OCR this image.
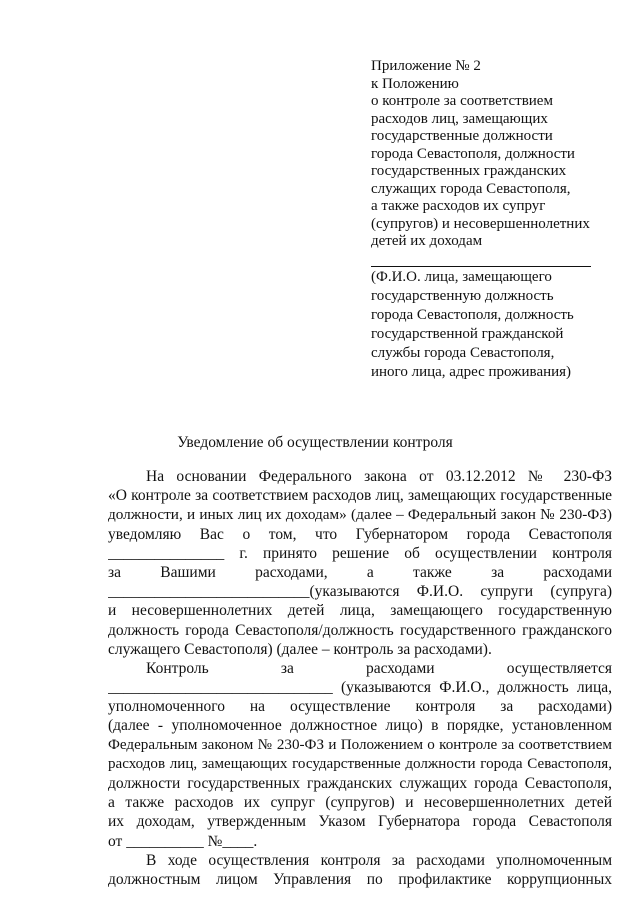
Приложение № 2
к Положению
о контроле за соответствием
расходов лиц, замещающих
государственные должности
города Севастополя, должности
государственных гражданских
служащих города Севастополя,
а также расходов их супруг
(супругов) и несовершеннолетних
детей их доходам
(Ф.И.О. лица, замещающего
государственную должность
города Севастополя, должность
государственной гражданской
службы города Севастополя,
иного лица, адрес проживания)
Уведомление об осуществлении контроля
На основании Федерального закона от 03.12.2012 № 230-ФЗ
«О контроле за соответствием расходов лиц, замещающих государственные
должности, и иных лиц их доходам» (далее – Федеральный закон № 230-ФЗ)
уведомляю Вас о том, что Губернатором города Севастополя
_______________ г. принято решение об осуществлении контроля
за Вашими расходами, а также за расходами
__________________________(указываются Ф.И.О. супруги (супруга)
и несовершеннолетних детей лица, замещающего государственную
должность города Севастополя/должность государственного гражданского
служащего Севастополя) (далее – контроль за расходами).
Контроль за расходами осуществляется
_____________________________ (указываются Ф.И.О., должность лица,
уполномоченного на осуществление контроля за расходами)
(далее - уполномоченное должностное лицо) в порядке, установленном
Федеральным законом № 230-ФЗ и Положением о контроле за соответствием
расходов лиц, замещающих государственные должности города Севастополя,
должности государственных гражданских служащих города Севастополя,
а также расходов их супруг (супругов) и несовершеннолетних детей
их доходам, утвержденным Указом Губернатора города Севастополя
от __________ №____.
В ходе осуществления контроля за расходами уполномоченным
должностным лицом Управления по профилактике коррупционных
